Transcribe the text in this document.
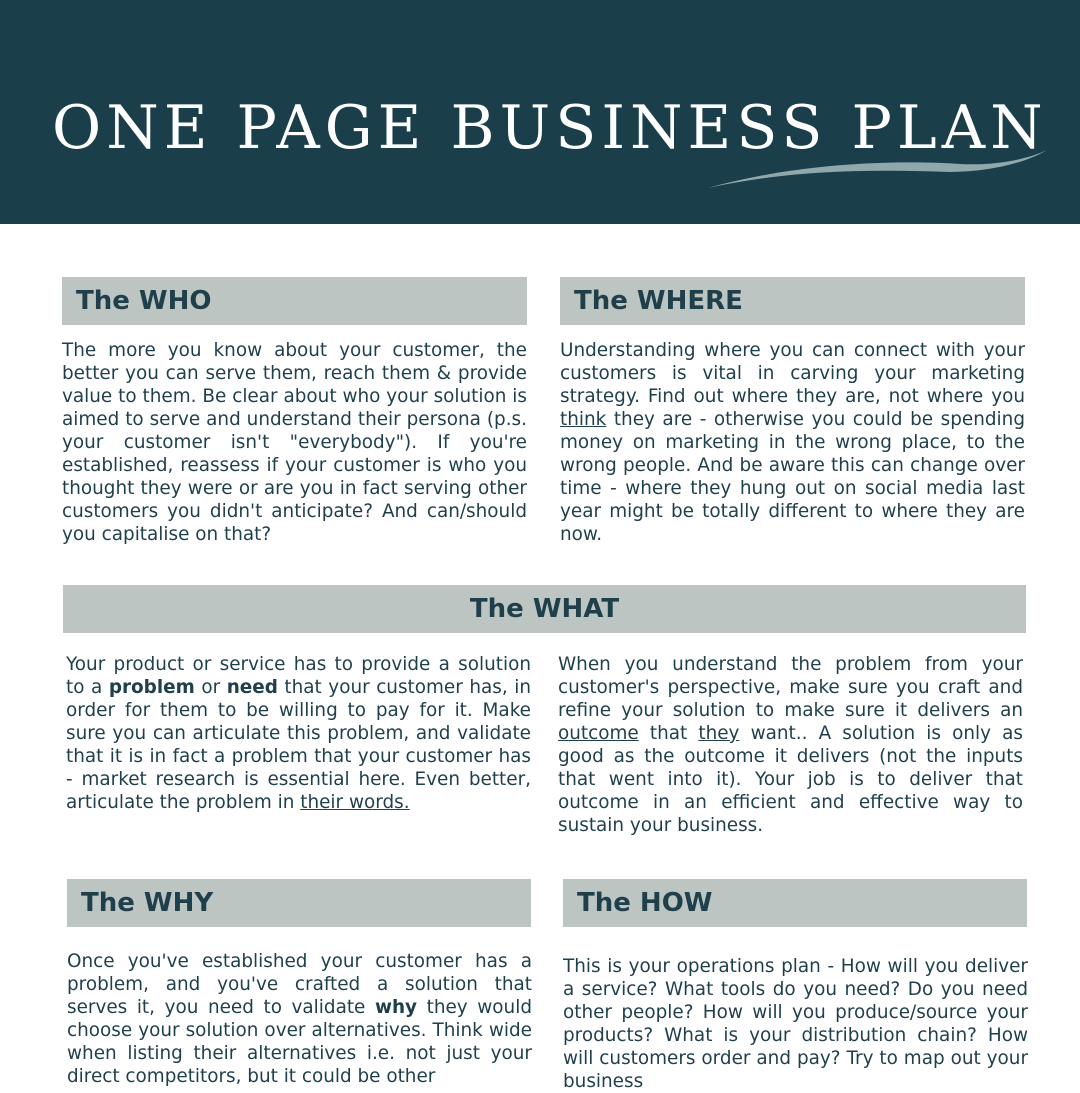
ONE PAGE BUSINESS PLAN
The WHO

The more you know about your customer, the better you can serve them, reach them & provide value to them. Be clear about who your solution is aimed to serve and understand their persona (p.s. your customer isn't "everybody"). If you're established, reassess if your customer is who you thought they were or are you in fact serving other customers you didn't anticipate? And can/should you capitalise on that?

The WHERE

Understanding where you can connect with your customers is vital in carving your marketing strategy. Find out where they are, not where you think they are - otherwise you could be spending money on marketing in the wrong place, to the wrong people. And be aware this can change over time - where they hung out on social media last year might be totally different to where they are now.

The WHAT

Your product or service has to provide a solution to a problem or need that your customer has, in order for them to be willing to pay for it. Make sure you can articulate this problem, and validate that it is in fact a problem that your customer has - market research is essential here. Even better, articulate the problem in their words.

When you understand the problem from your customer's perspective, make sure you craft and refine your solution to make sure it delivers an outcome that they want.. A solution is only as good as the outcome it delivers (not the inputs that went into it). Your job is to deliver that outcome in an efficient and effective way to sustain your business.

The WHY

Once you've established your customer has a problem, and you've crafted a solution that serves it, you need to validate why they would choose your solution over alternatives. Think wide when listing their alternatives i.e. not just your direct competitors, but it could be other

The HOW

This is your operations plan - How will you deliver a service? What tools do you need? Do you need other people? How will you produce/source your products? What is your distribution chain? How will customers order and pay? Try to map out your business
